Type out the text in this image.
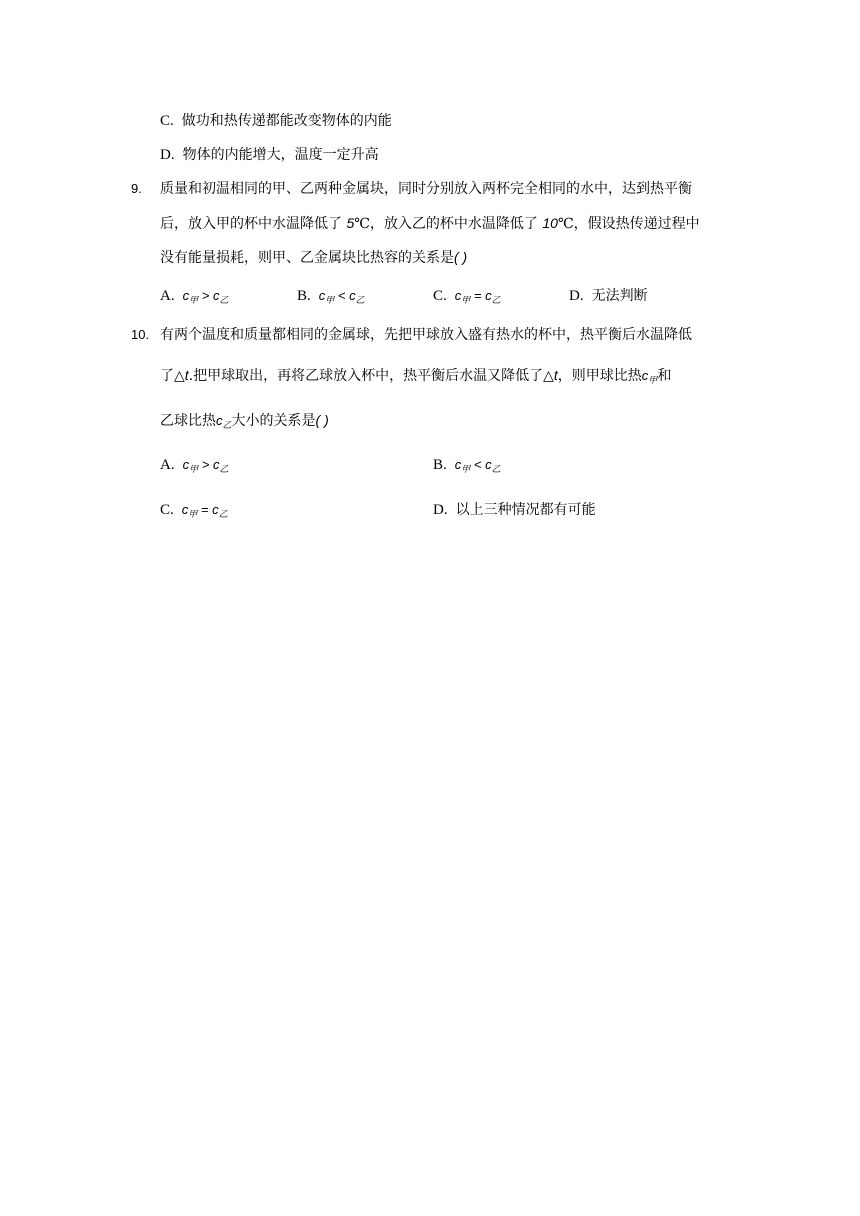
C. 做功和热传递都能改变物体的内能
D. 物体的内能增大，温度一定升高
9. 质量和初温相同的甲、乙两种金属块，同时分别放入两杯完全相同的水中，达到热平衡
后，放入甲的杯中水温降低了 5℃，放入乙的杯中水温降低了 10℃，假设热传递过程中
没有能量损耗，则甲、乙金属块比热容的关系是( )
A. $c_甲 > c_乙$	B. $c_甲 < c_乙$	C. $c_甲 = c_乙$	D. 无法判断
10. 有两个温度和质量都相同的金属球，先把甲球放入盛有热水的杯中，热平衡后水温降低
了△t.把甲球取出，再将乙球放入杯中，热平衡后水温又降低了△t，则甲球比热$c_甲$和
乙球比热$c_乙$大小的关系是( )
A. $c_甲 > c_乙$	B. $c_甲 < c_乙$
C. $c_甲 = c_乙$	D. 以上三种情况都有可能
